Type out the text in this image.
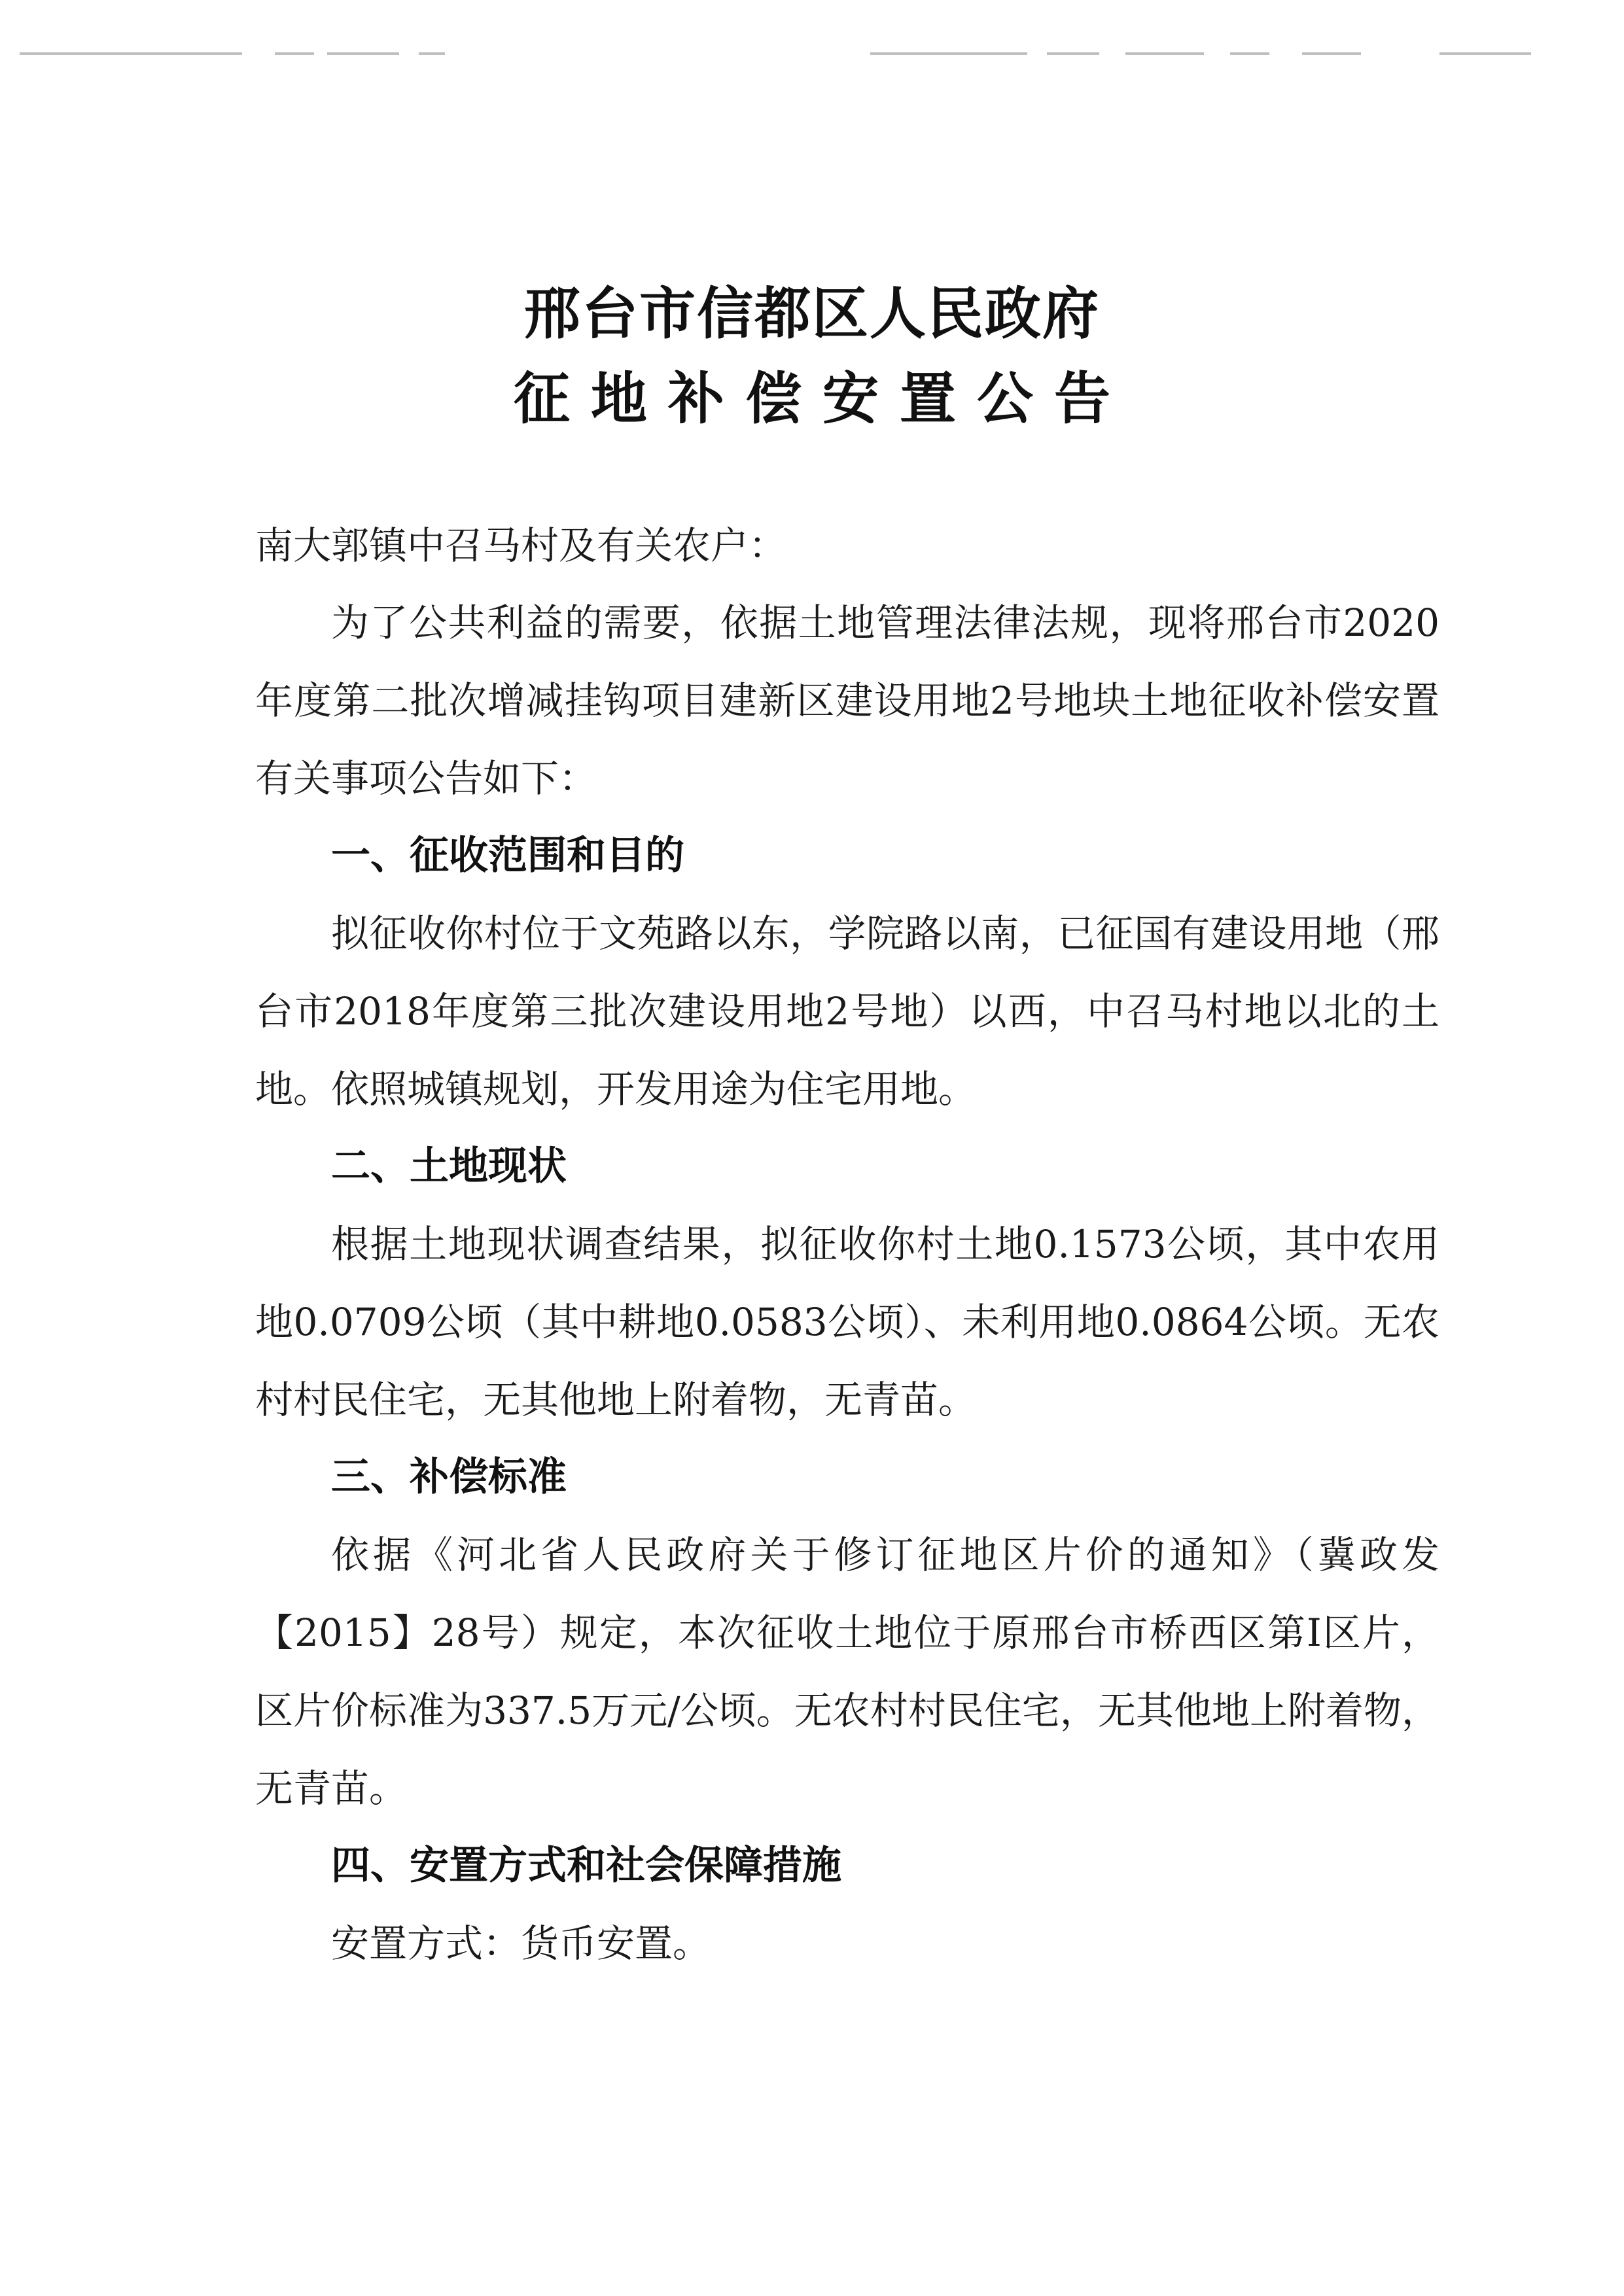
邢台市信都区人民政府
征地补偿安置公告

南大郭镇中召马村及有关农户：

为了公共利益的需要，依据土地管理法律法规，现将邢台市2020年度第二批次增减挂钩项目建新区建设用地2号地块土地征收补偿安置有关事项公告如下：

一、征收范围和目的

拟征收你村位于文苑路以东，学院路以南，已征国有建设用地（邢台市2018年度第三批次建设用地2号地）以西，中召马村地以北的土地。依照城镇规划，开发用途为住宅用地。

二、土地现状

根据土地现状调查结果，拟征收你村土地0.1573公顷，其中农用地0.0709公顷（其中耕地0.0583公顷）、未利用地0.0864公顷。无农村村民住宅，无其他地上附着物，无青苗。

三、补偿标准

依据《河北省人民政府关于修订征地区片价的通知》（冀政发【2015】28号）规定，本次征收土地位于原邢台市桥西区第Ⅰ区片，区片价标准为337.5万元/公顷。无农村村民住宅，无其他地上附着物，无青苗。

四、安置方式和社会保障措施

安置方式：货币安置。
